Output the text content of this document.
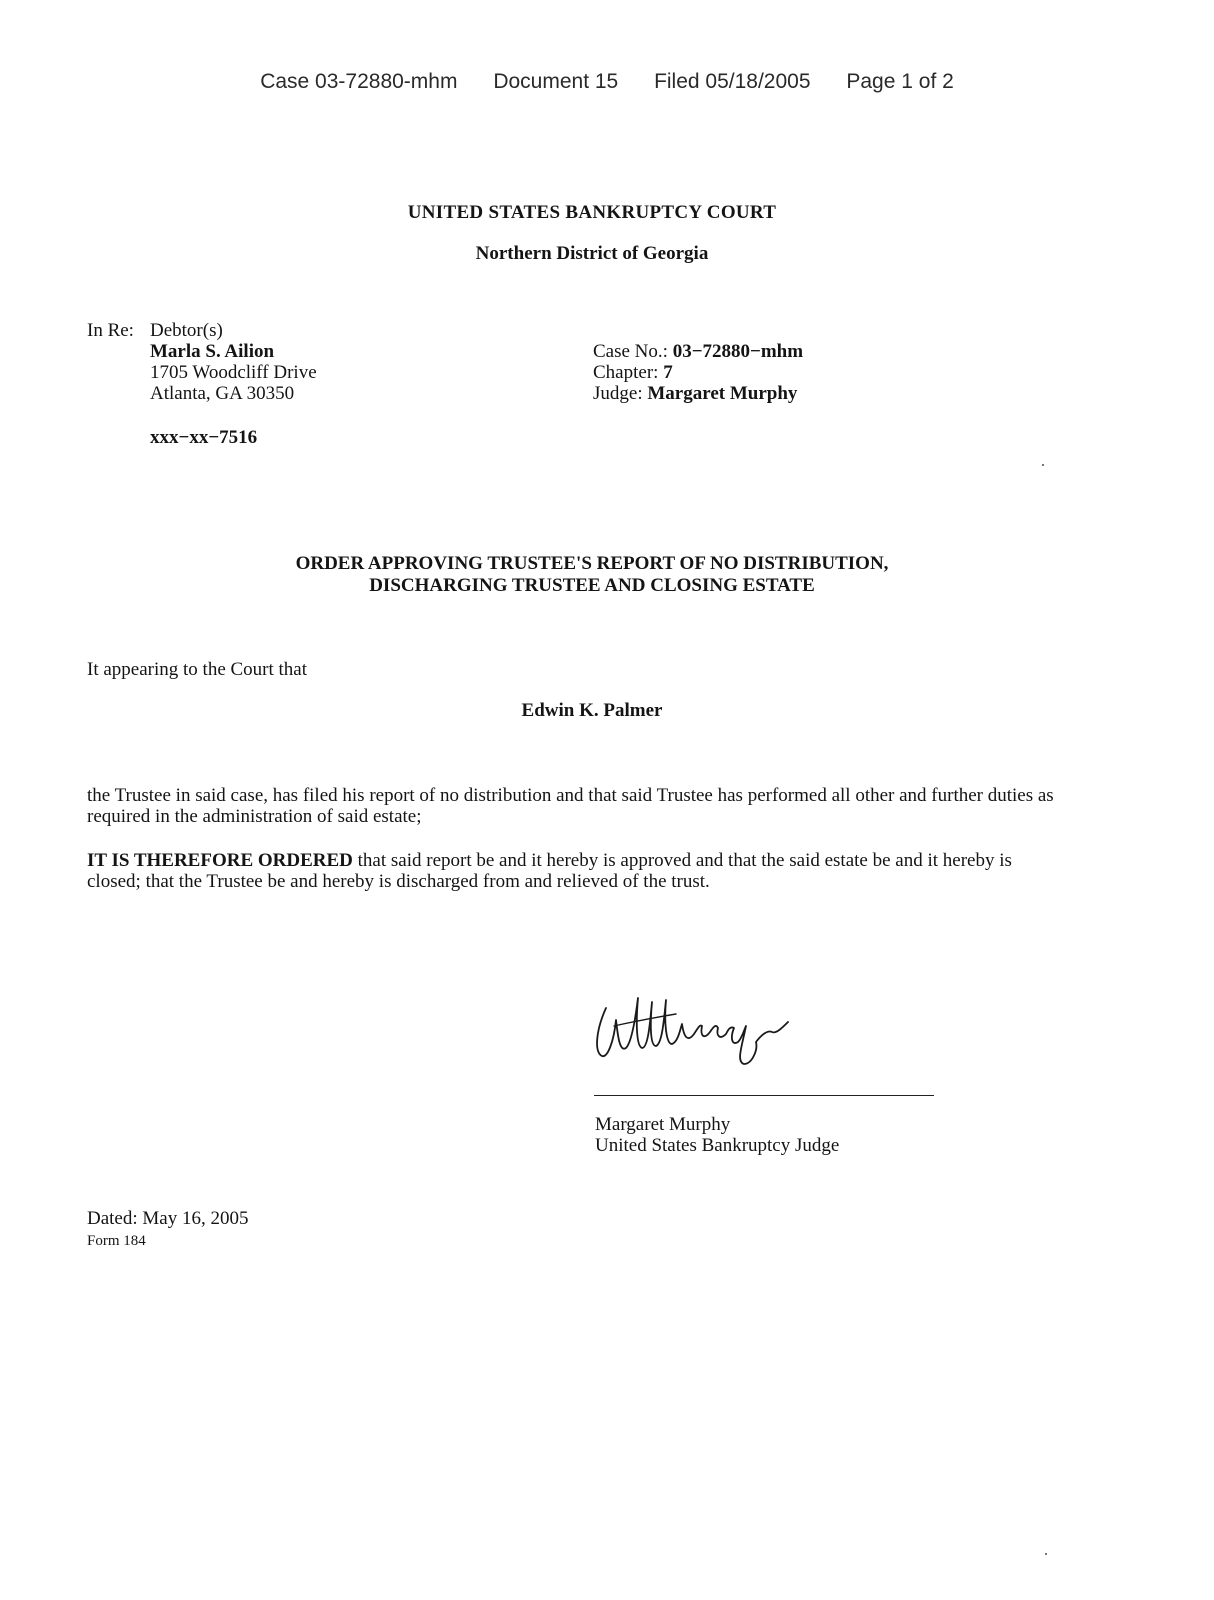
Case 03-72880-mhm Document 15 Filed 05/18/2005 Page 1 of 2
UNITED STATES BANKRUPTCY COURT
Northern District of Georgia
In Re: Debtor(s)
Marla S. Ailion
1705 Woodcliff Drive
Atlanta, GA 30350
xxx−xx−7516
Case No.: 03−72880−mhm
Chapter: 7
Judge: Margaret Murphy
ORDER APPROVING TRUSTEE'S REPORT OF NO DISTRIBUTION,
DISCHARGING TRUSTEE AND CLOSING ESTATE
It appearing to the Court that
Edwin K. Palmer
the Trustee in said case, has filed his report of no distribution and that said Trustee has performed all other and further duties as required in the administration of said estate;
IT IS THEREFORE ORDERED that said report be and it hereby is approved and that the said estate be and it hereby is closed; that the Trustee be and hereby is discharged from and relieved of the trust.
Margaret Murphy
United States Bankruptcy Judge
Dated: May 16, 2005
Form 184
